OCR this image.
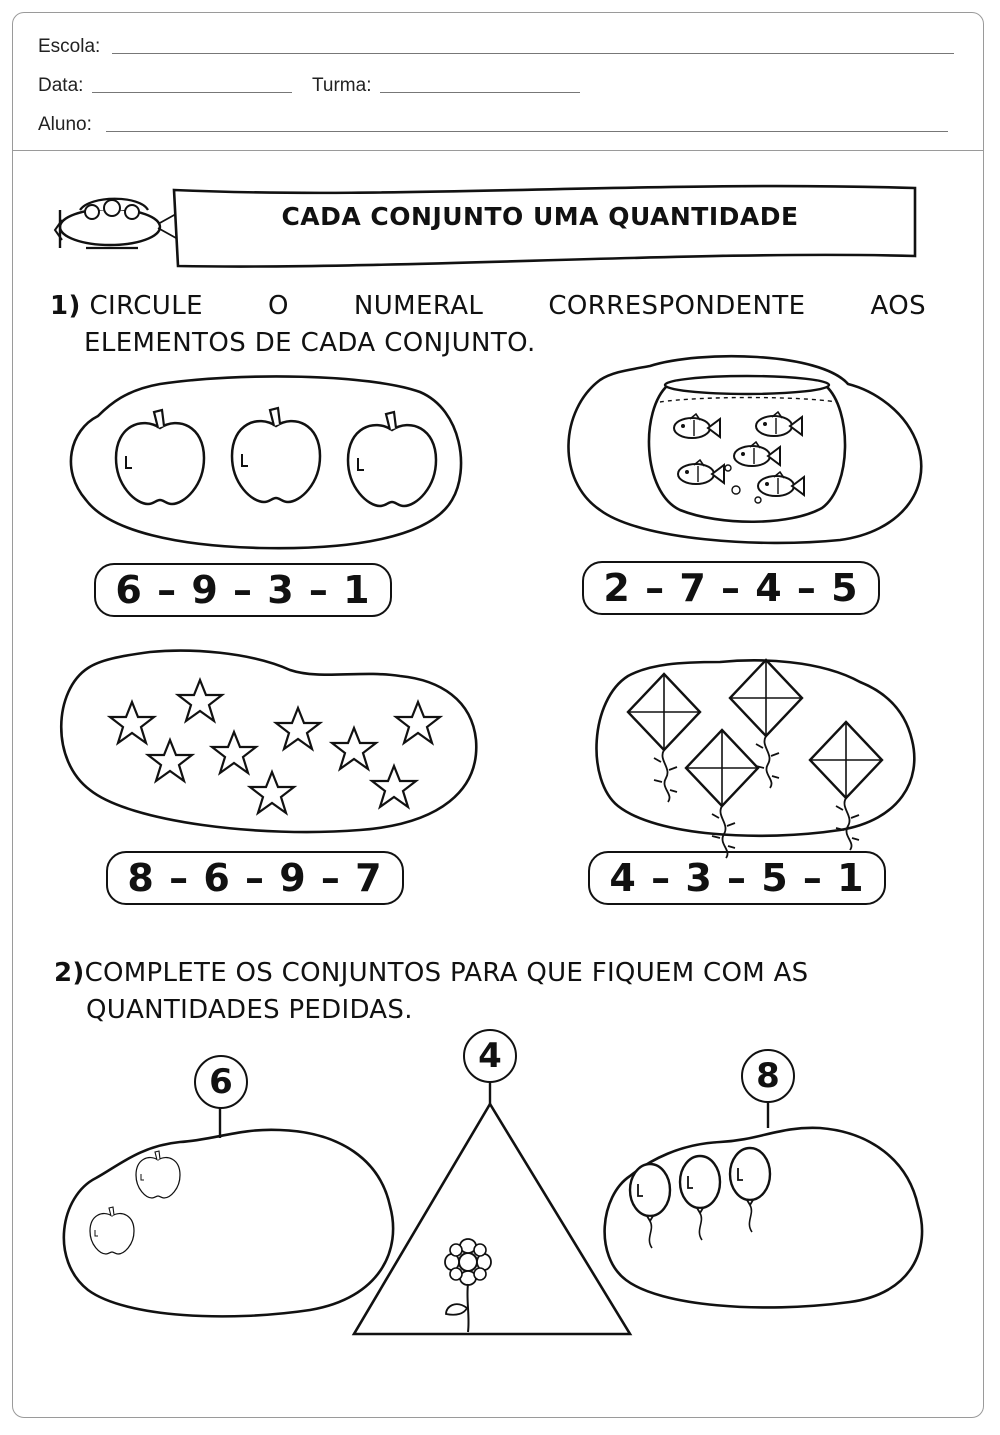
Escola:
Data:	Turma:
Aluno:
CADA CONJUNTO UMA QUANTIDADE
1) CIRCULE	O	NUMERAL	CORRESPONDENTE	AOS
ELEMENTOS DE CADA CONJUNTO.
6 – 9 – 3 – 1	2 – 7 – 4 – 5
8 – 6 – 9 – 7	4 – 3 – 5 – 1
2)COMPLETE OS CONJUNTOS PARA QUE FIQUEM COM AS
QUANTIDADES PEDIDAS.
6
4	8
